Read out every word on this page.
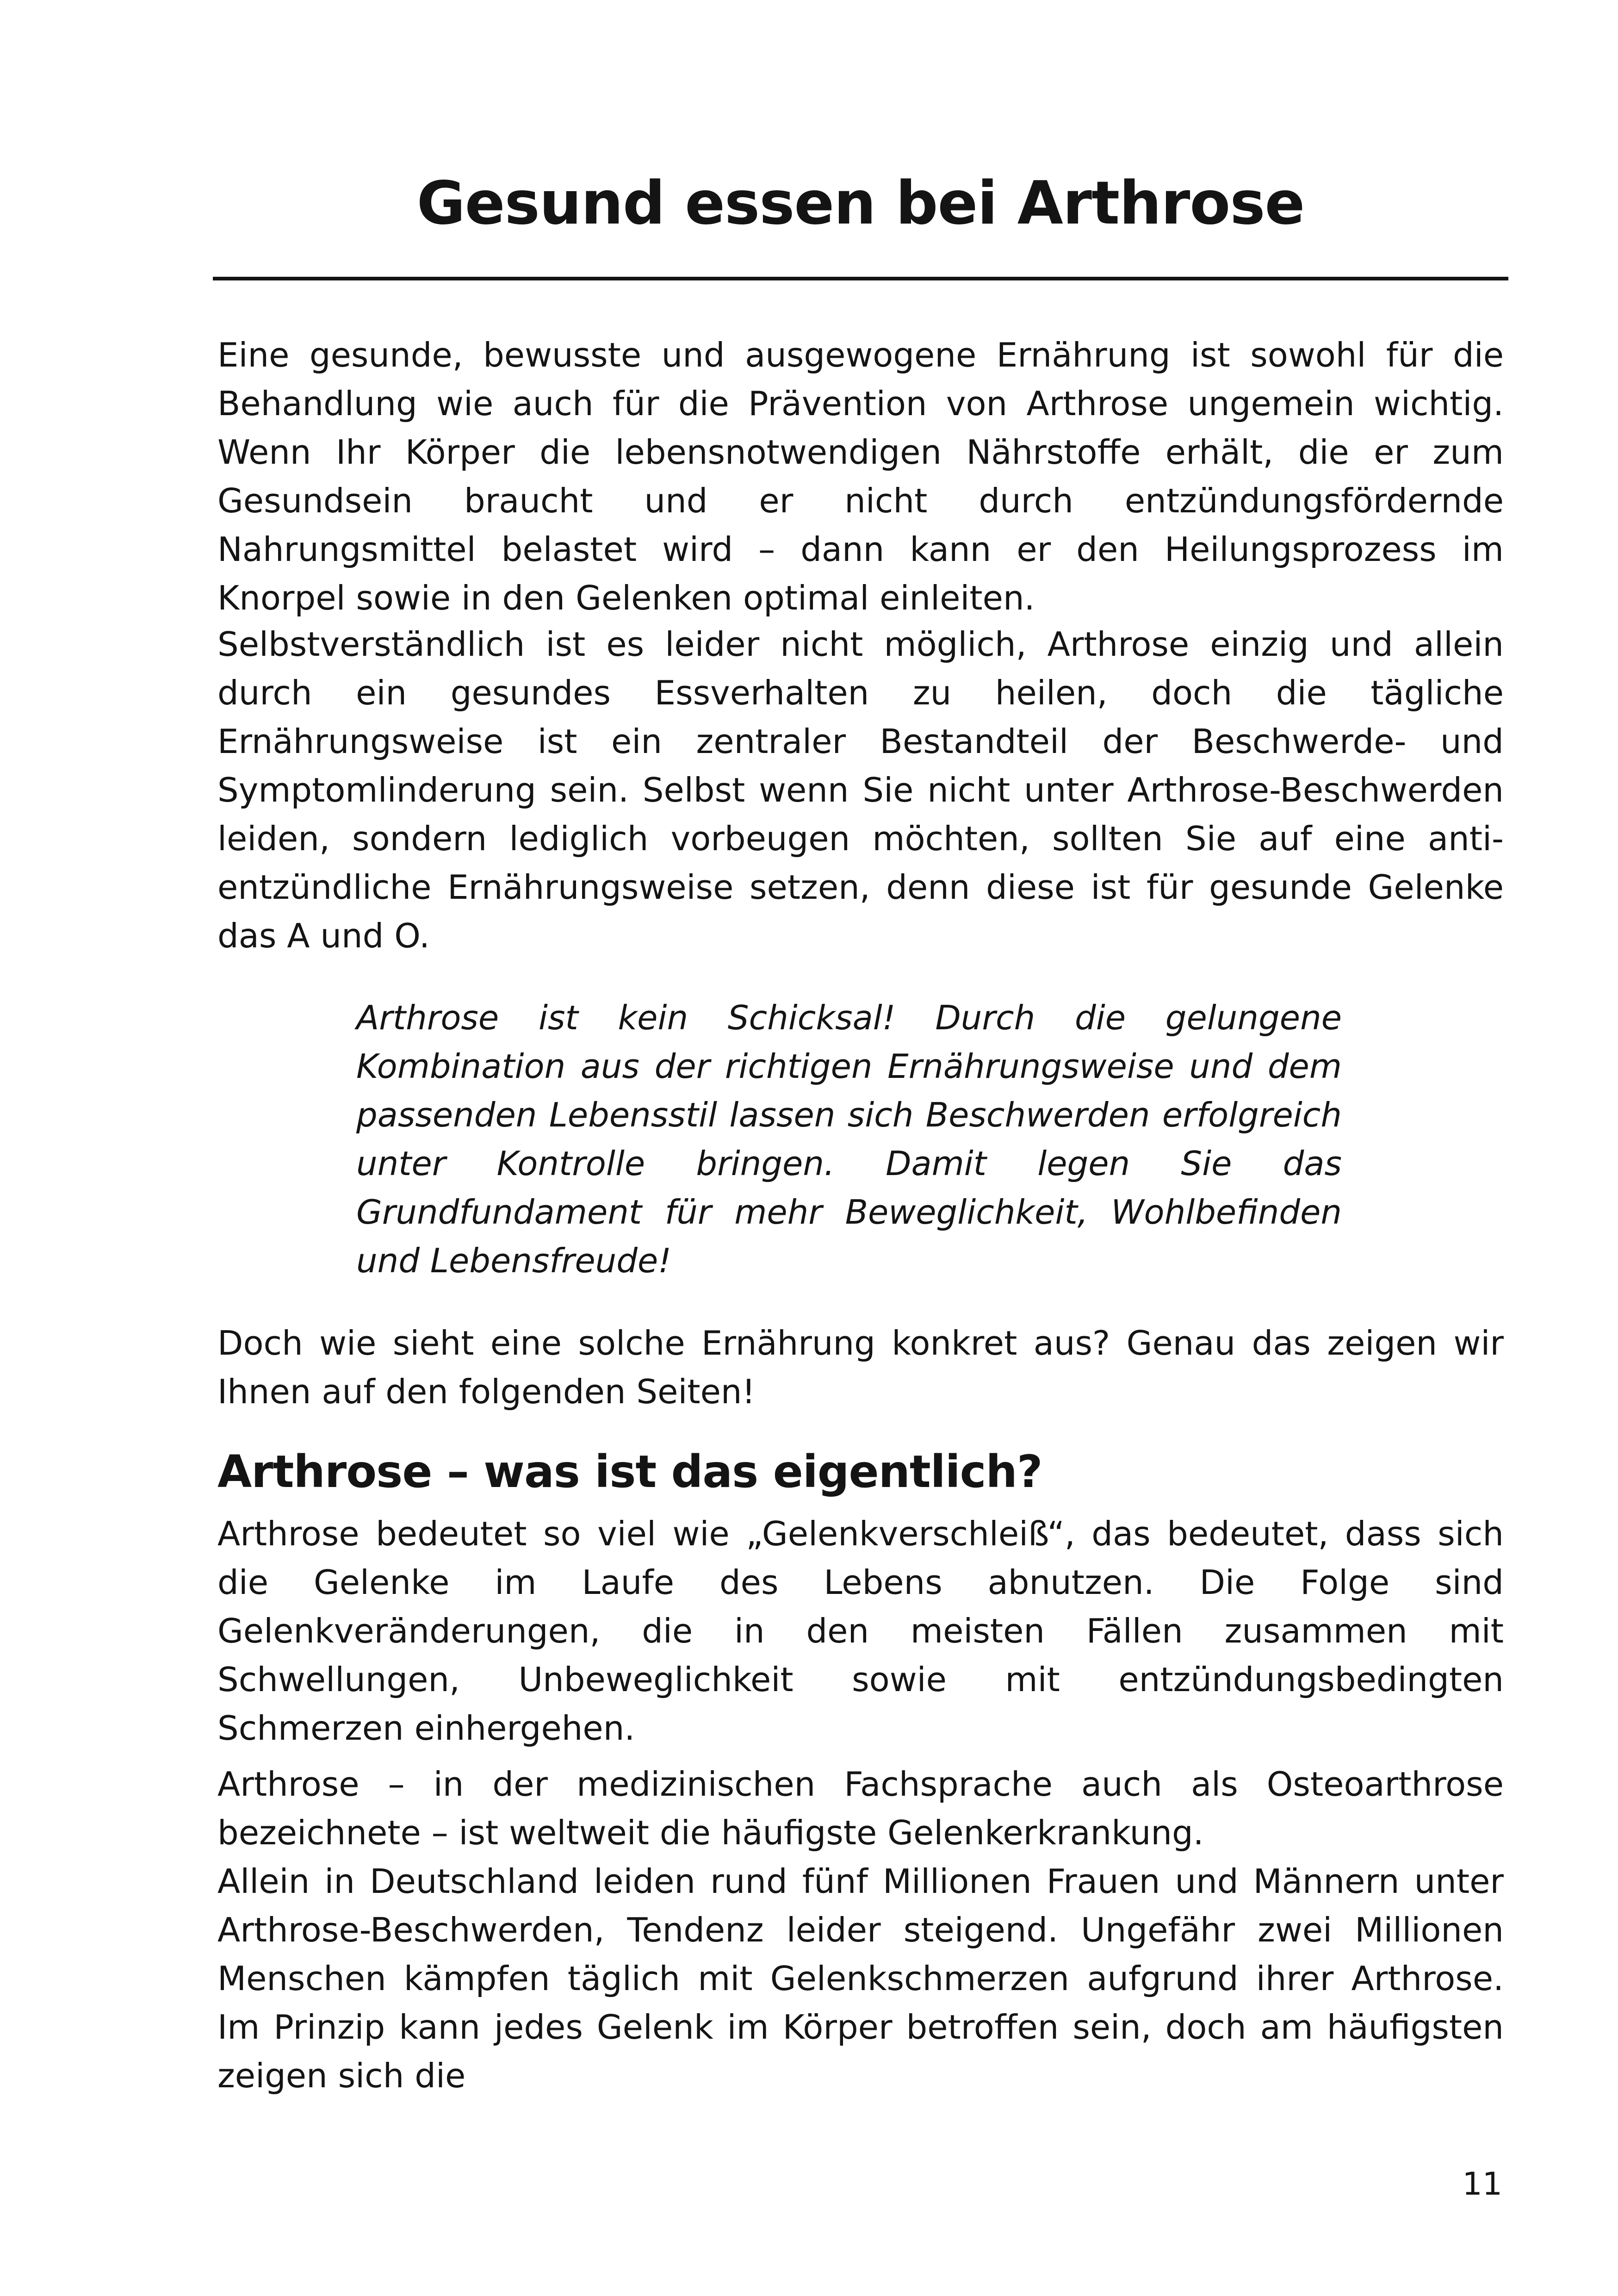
Gesund essen bei Arthrose

Eine gesunde, bewusste und ausgewogene Ernährung ist sowohl für die Behandlung wie auch für die Prävention von Arthrose ungemein wichtig. Wenn Ihr Körper die lebensnotwendigen Nährstoffe erhält, die er zum Gesundsein braucht und er nicht durch entzündungsfördernde Nahrungsmittel belastet wird – dann kann er den Heilungsprozess im Knorpel sowie in den Gelenken optimal einleiten.

Selbstverständlich ist es leider nicht möglich, Arthrose einzig und allein durch ein gesundes Essverhalten zu heilen, doch die tägliche Ernährungsweise ist ein zentraler Bestandteil der Beschwerde- und Symptomlinderung sein. Selbst wenn Sie nicht unter Arthrose-Beschwerden leiden, sondern lediglich vorbeugen möchten, sollten Sie auf eine anti-entzündliche Ernährungsweise setzen, denn diese ist für gesunde Gelenke das A und O.

Arthrose ist kein Schicksal! Durch die gelungene Kombination aus der richtigen Ernährungsweise und dem passenden Lebensstil lassen sich Beschwerden erfolgreich unter Kontrolle bringen. Damit legen Sie das Grundfundament für mehr Beweglichkeit, Wohlbefinden und Lebensfreude!

Doch wie sieht eine solche Ernährung konkret aus? Genau das zeigen wir Ihnen auf den folgenden Seiten!

Arthrose – was ist das eigentlich?

Arthrose bedeutet so viel wie „Gelenkverschleiß“, das bedeutet, dass sich die Gelenke im Laufe des Lebens abnutzen. Die Folge sind Gelenkveränderungen, die in den meisten Fällen zusammen mit Schwellungen, Unbeweglichkeit sowie mit entzündungsbedingten Schmerzen einhergehen.

Arthrose – in der medizinischen Fachsprache auch als Osteoarthrose bezeichnete – ist weltweit die häufigste Gelenkerkrankung.

Allein in Deutschland leiden rund fünf Millionen Frauen und Männern unter Arthrose-Beschwerden, Tendenz leider steigend. Ungefähr zwei Millionen Menschen kämpfen täglich mit Gelenkschmerzen aufgrund ihrer Arthrose. Im Prinzip kann jedes Gelenk im Körper betroffen sein, doch am häufigsten zeigen sich die

11
